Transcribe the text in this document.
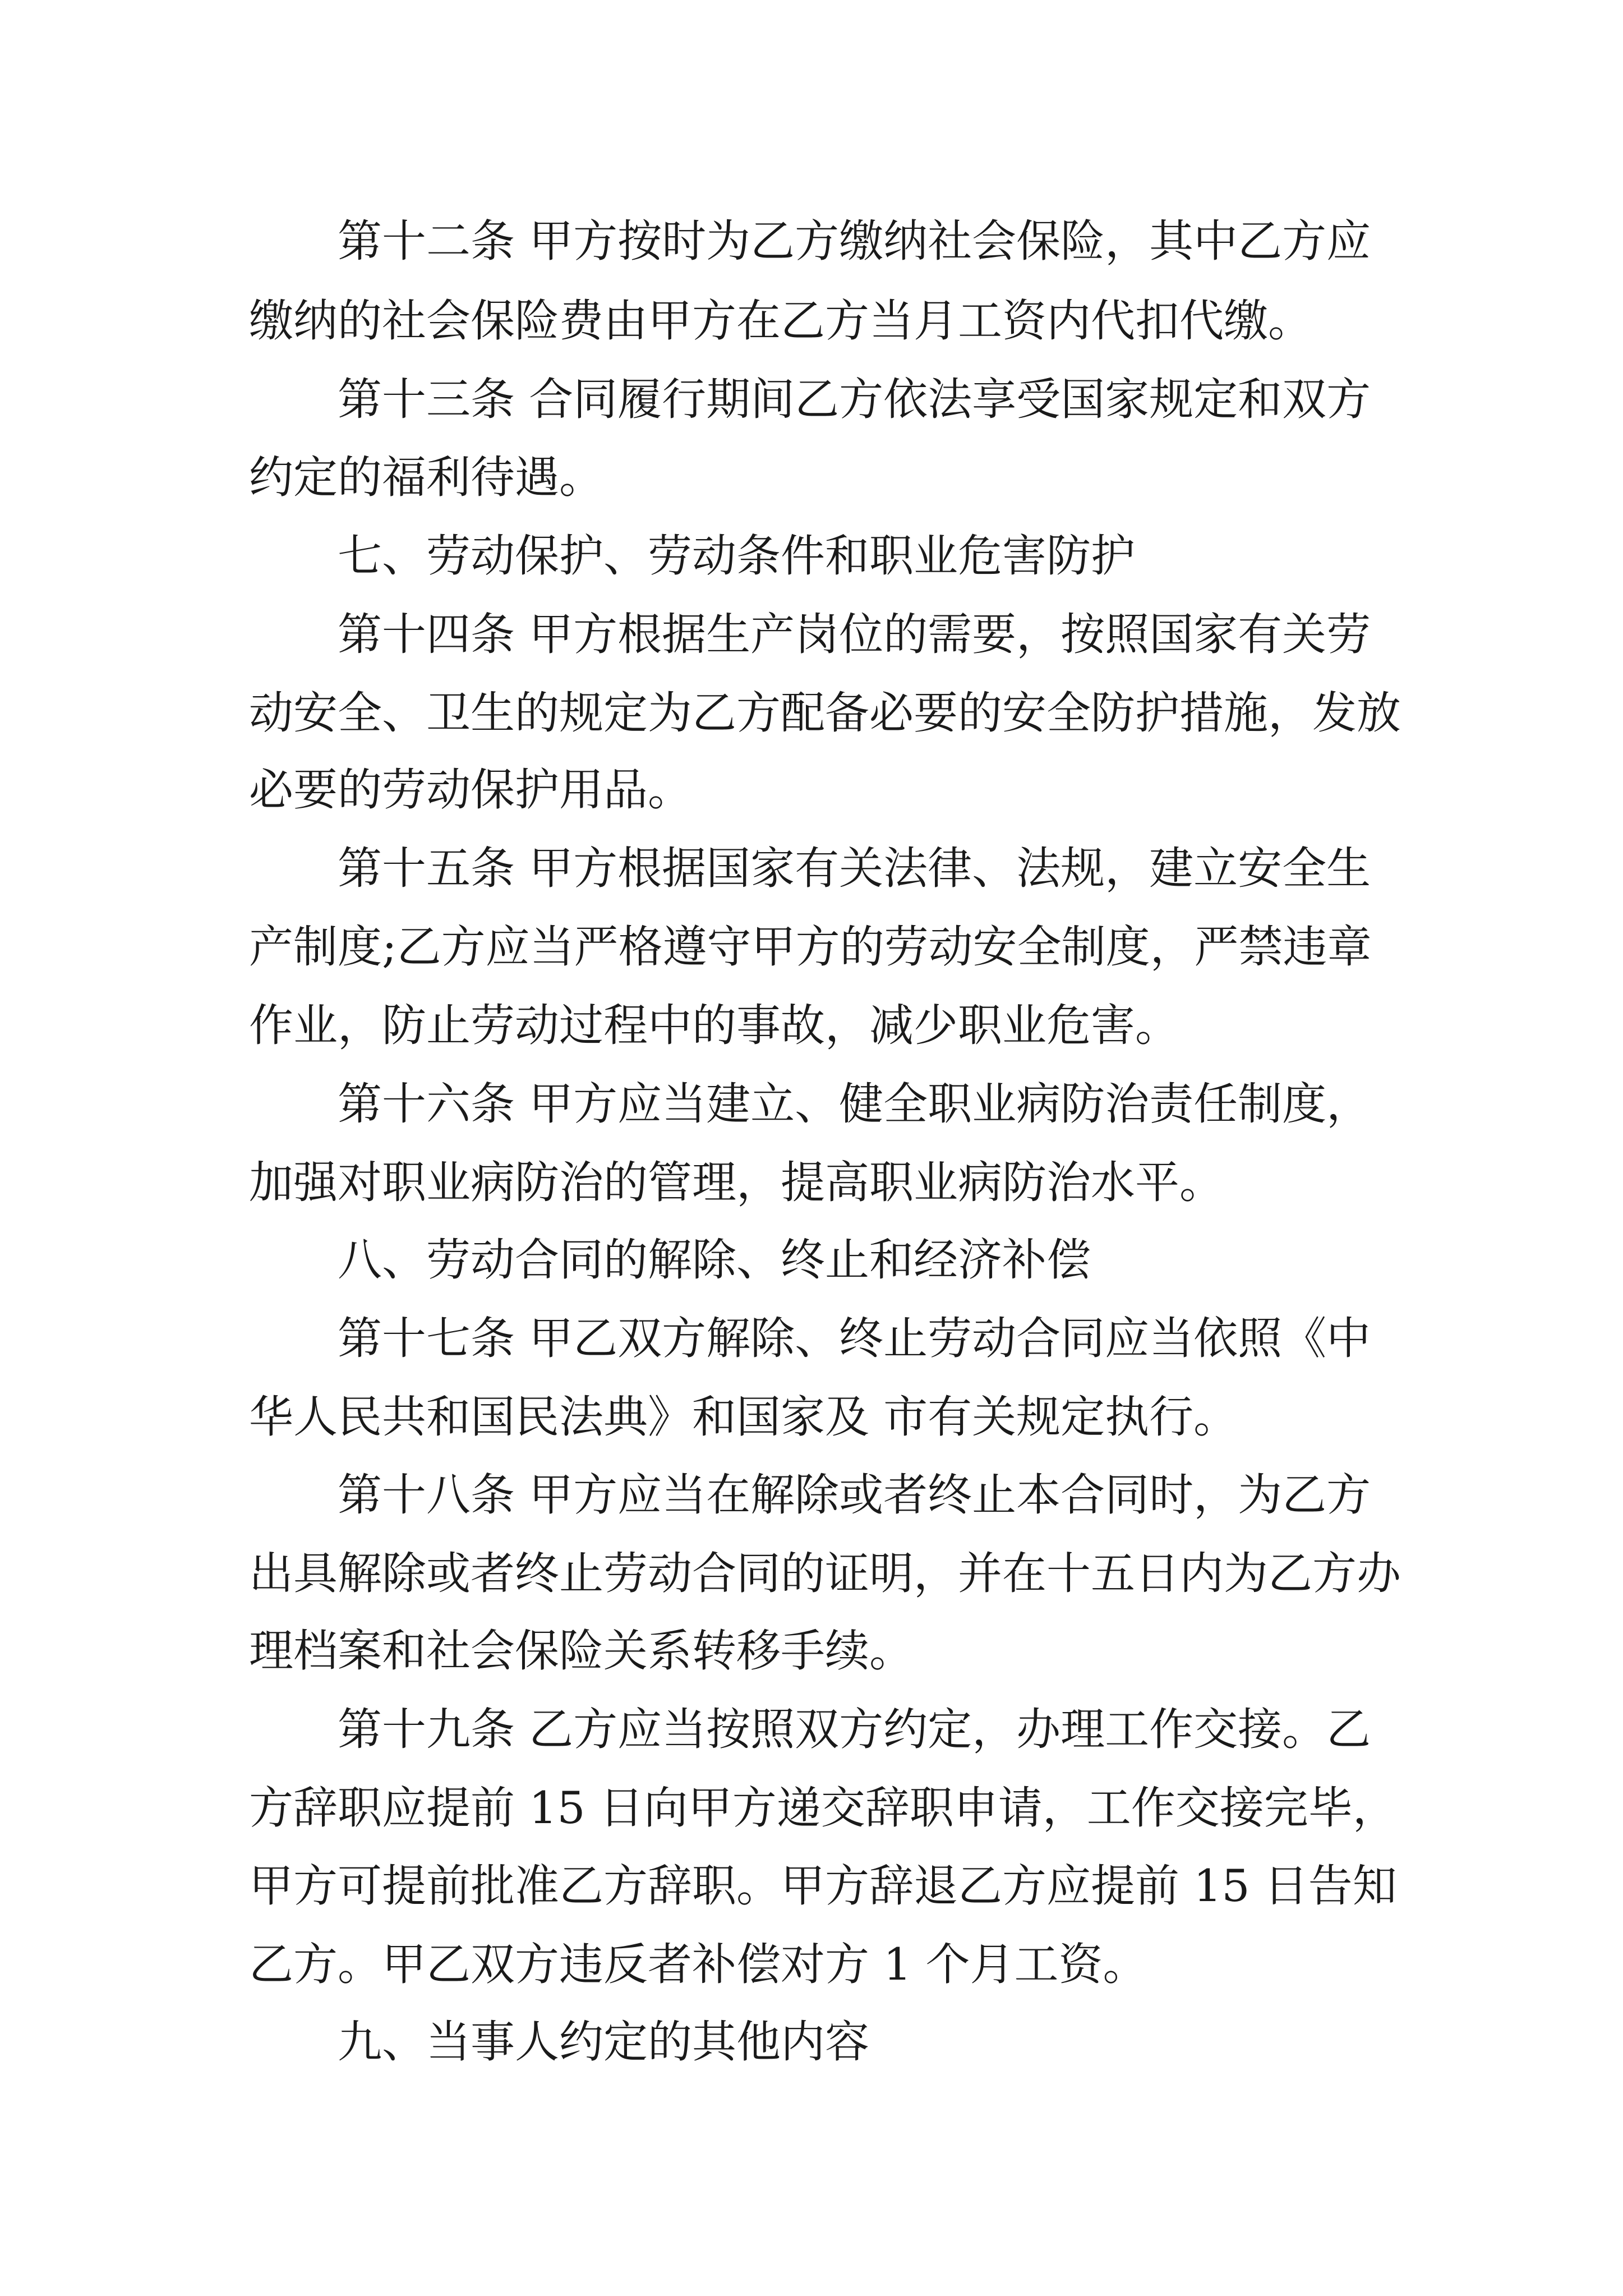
第十二条 甲方按时为乙方缴纳社会保险，其中乙方应
缴纳的社会保险费由甲方在乙方当月工资内代扣代缴。
第十三条 合同履行期间乙方依法享受国家规定和双方
约定的福利待遇。
七、劳动保护、劳动条件和职业危害防护
第十四条 甲方根据生产岗位的需要，按照国家有关劳
动安全、卫生的规定为乙方配备必要的安全防护措施，发放
必要的劳动保护用品。
第十五条 甲方根据国家有关法律、法规，建立安全生
产制度;乙方应当严格遵守甲方的劳动安全制度，严禁违章
作业，防止劳动过程中的事故，减少职业危害。
第十六条 甲方应当建立、健全职业病防治责任制度，
加强对职业病防治的管理，提高职业病防治水平。
八、劳动合同的解除、终止和经济补偿
第十七条 甲乙双方解除、终止劳动合同应当依照《中
华人民共和国民法典》和国家及 市有关规定执行。
第十八条 甲方应当在解除或者终止本合同时，为乙方
出具解除或者终止劳动合同的证明，并在十五日内为乙方办
理档案和社会保险关系转移手续。
第十九条 乙方应当按照双方约定，办理工作交接。乙
方辞职应提前 15 日向甲方递交辞职申请，工作交接完毕，
甲方可提前批准乙方辞职。甲方辞退乙方应提前 15 日告知
乙方。甲乙双方违反者补偿对方 1 个月工资。
九、当事人约定的其他内容
